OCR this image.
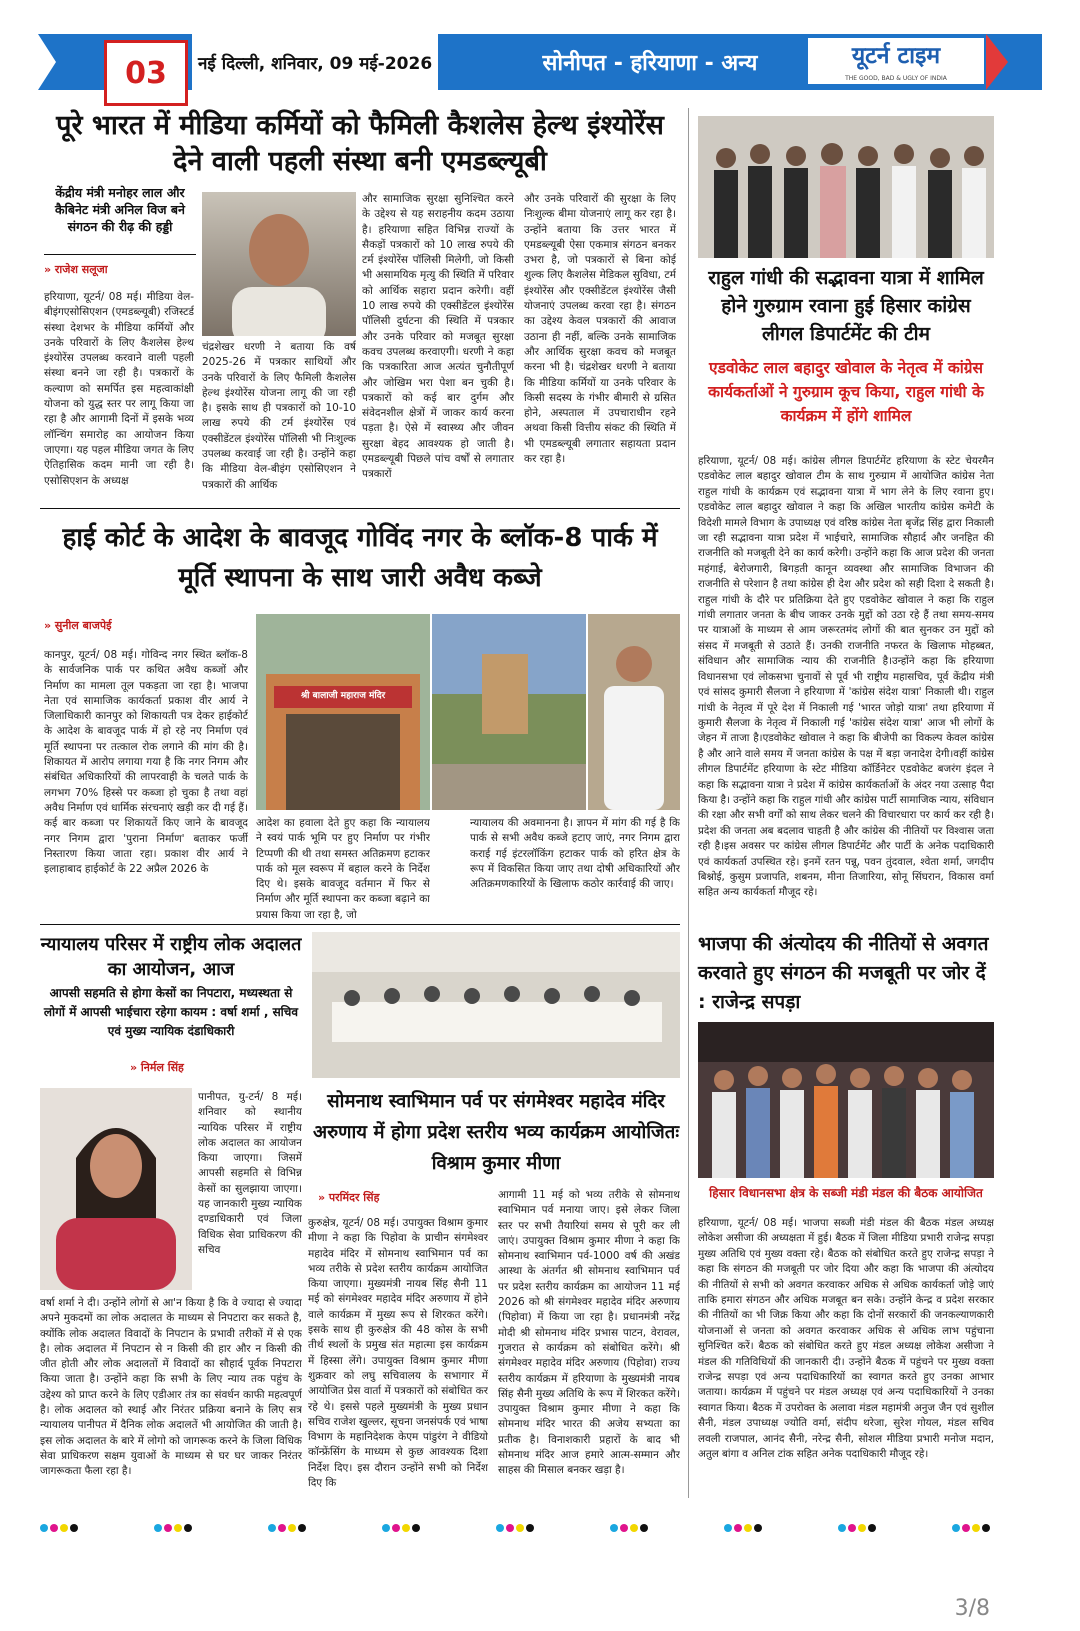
03	नई दिल्ली, शनिवार, 09 मई-2026	सोनीपत - हरियाणा - अन्य	यूटर्न टाइम
THE GOOD, BAD & UGLY OF INDIA
पूरे भारत में मीडिया कर्मियों को फैमिली कैशलेस हेल्थ इंश्योरेंस देने वाली पहली संस्था बनी एमडब्ल्यूबी
केंद्रीय मंत्री मनोहर लाल और कैबिनेट मंत्री अनिल विज बने संगठन की रीढ़ की हड्डी
» राजेश सलूजा
हरियाणा, यूटर्न/ 08 मई। मीडिया वेल-बीइंगएसोसिएशन (एमडब्ल्यूबी) रजिस्टर्ड संस्था देशभर के मीडिया कर्मियों और उनके परिवारों के लिए कैशलेस हेल्थ इंश्योरेंस उपलब्ध करवाने वाली पहली संस्था बनने जा रही है। पत्रकारों के कल्याण को समर्पित इस महत्वाकांक्षी योजना को युद्ध स्तर पर लागू किया जा रहा है और आगामी दिनों में इसके भव्य लॉन्चिंग समारोह का आयोजन किया जाएगा। यह पहल मीडिया जगत के लिए ऐतिहासिक कदम मानी जा रही है। एसोसिएशन के अध्यक्ष
चंद्रशेखर धरणी ने बताया कि वर्ष 2025-26 में पत्रकार साथियों और उनके परिवारों के लिए फैमिली कैशलेस हेल्थ इंश्योरेंस योजना लागू की जा रही है। इसके साथ ही पत्रकारों को 10-10 लाख रुपये की टर्म इंश्योरेंस एवं एक्सीडेंटल इंश्योरेंस पॉलिसी भी निःशुल्क उपलब्ध करवाई जा रही है। उन्होंने कहा कि मीडिया वेल-बीइंग एसोसिएशन ने पत्रकारों की आर्थिक
और सामाजिक सुरक्षा सुनिश्चित करने के उद्देश्य से यह सराहनीय कदम उठाया है। हरियाणा सहित विभिन्न राज्यों के सैकड़ों पत्रकारों को 10 लाख रुपये की टर्म इंश्योरेंस पॉलिसी मिलेगी, जो किसी भी असामयिक मृत्यु की स्थिति में परिवार को आर्थिक सहारा प्रदान करेगी। वहीं 10 लाख रुपये की एक्सीडेंटल इंश्योरेंस पॉलिसी दुर्घटना की स्थिति में पत्रकार और उनके परिवार को मजबूत सुरक्षा कवच उपलब्ध करवाएगी। धरणी ने कहा कि पत्रकारिता आज अत्यंत चुनौतीपूर्ण और जोखिम भरा पेशा बन चुकी है। पत्रकारों को कई बार दुर्गम और संवेदनशील क्षेत्रों में जाकर कार्य करना पड़ता है। ऐसे में स्वास्थ्य और जीवन सुरक्षा बेहद आवश्यक हो जाती है। एमडब्ल्यूबी पिछले पांच वर्षों से लगातार पत्रकारों
और उनके परिवारों की सुरक्षा के लिए निःशुल्क बीमा योजनाएं लागू कर रहा है। उन्होंने बताया कि उत्तर भारत में एमडब्ल्यूबी ऐसा एकमात्र संगठन बनकर उभरा है, जो पत्रकारों से बिना कोई शुल्क लिए कैशलेस मेडिकल सुविधा, टर्म इंश्योरेंस और एक्सीडेंटल इंश्योरेंस जैसी योजनाएं उपलब्ध करवा रहा है। संगठन का उद्देश्य केवल पत्रकारों की आवाज उठाना ही नहीं, बल्कि उनके सामाजिक और आर्थिक सुरक्षा कवच को मजबूत करना भी है। चंद्रशेखर धरणी ने बताया कि मीडिया कर्मियों या उनके परिवार के किसी सदस्य के गंभीर बीमारी से ग्रसित होने, अस्पताल में उपचाराधीन रहने अथवा किसी वित्तीय संकट की स्थिति में भी एमडब्ल्यूबी लगातार सहायता प्रदान कर रहा है।
राहुल गांधी की सद्भावना यात्रा में शामिल होने गुरुग्राम रवाना हुई हिसार कांग्रेस लीगल डिपार्टमेंट की टीम
एडवोकेट लाल बहादुर खोवाल के नेतृत्व में कांग्रेस कार्यकर्ताओं ने गुरुग्राम कूच किया, राहुल गांधी के कार्यक्रम में होंगे शामिल
हरियाणा, यूटर्न/ 08 मई। कांग्रेस लीगल डिपार्टमेंट हरियाणा के स्टेट चेयरमैन एडवोकेट लाल बहादुर खोवाल टीम के साथ गुरुग्राम में आयोजित कांग्रेस नेता राहुल गांधी के कार्यक्रम एवं सद्भावना यात्रा में भाग लेने के लिए रवाना हुए।एडवोकेट लाल बहादुर खोवाल ने कहा कि अखिल भारतीय कांग्रेस कमेटी के विदेशी मामले विभाग के उपाध्यक्ष एवं वरिष्ठ कांग्रेस नेता बृजेंद्र सिंह द्वारा निकाली जा रही सद्भावना यात्रा प्रदेश में भाईचारे, सामाजिक सौहार्द और जनहित की राजनीति को मजबूती देने का कार्य करेगी। उन्होंने कहा कि आज प्रदेश की जनता महंगाई, बेरोजगारी, बिगड़ती कानून व्यवस्था और सामाजिक विभाजन की राजनीति से परेशान है तथा कांग्रेस ही देश और प्रदेश को सही दिशा दे सकती है। राहुल गांधी के दौरे पर प्रतिक्रिया देते हुए एडवोकेट खोवाल ने कहा कि राहुल गांधी लगातार जनता के बीच जाकर उनके मुद्दों को उठा रहे हैं तथा समय-समय पर यात्राओं के माध्यम से आम जरूरतमंद लोगों की बात सुनकर उन मुद्दों को संसद में मजबूती से उठाते हैं। उनकी राजनीति नफरत के खिलाफ मोहब्बत, संविधान और सामाजिक न्याय की राजनीति है।उन्होंने कहा कि हरियाणा विधानसभा एवं लोकसभा चुनावों से पूर्व भी राष्ट्रीय महासचिव, पूर्व केंद्रीय मंत्री एवं सांसद कुमारी सैलजा ने हरियाणा में 'कांग्रेस संदेश यात्रा' निकाली थी। राहुल गांधी के नेतृत्व में पूरे देश में निकाली गई 'भारत जोड़ो यात्रा' तथा हरियाणा में कुमारी सैलजा के नेतृत्व में निकाली गई 'कांग्रेस संदेश यात्रा' आज भी लोगों के जेहन में ताजा है।एडवोकेट खोवाल ने कहा कि बीजेपी का विकल्प केवल कांग्रेस है और आने वाले समय में जनता कांग्रेस के पक्ष में बड़ा जनादेश देगी।वहीं कांग्रेस लीगल डिपार्टमेंट हरियाणा के स्टेट मीडिया कॉर्डिनेटर एडवोकेट बजरंग इंदल ने कहा कि सद्भावना यात्रा ने प्रदेश में कांग्रेस कार्यकर्ताओं के अंदर नया उत्साह पैदा किया है। उन्होंने कहा कि राहुल गांधी और कांग्रेस पार्टी सामाजिक न्याय, संविधान की रक्षा और सभी वर्गों को साथ लेकर चलने की विचारधारा पर कार्य कर रही है। प्रदेश की जनता अब बदलाव चाहती है और कांग्रेस की नीतियों पर विश्वास जता रही है।इस अवसर पर कांग्रेस लीगल डिपार्टमेंट और पार्टी के अनेक पदाधिकारी एवं कार्यकर्ता उपस्थित रहे। इनमें रतन पन्नू, पवन तुंदवाल, श्वेता शर्मा, जगदीप बिश्नोई, कुसुम प्रजापति, शबनम, मीना तिजारिया, सोनू सिंघरान, विकास वर्मा सहित अन्य कार्यकर्ता मौजूद रहे।
हाई कोर्ट के आदेश के बावजूद गोविंद नगर के ब्लॉक-8 पार्क में मूर्ति स्थापना के साथ जारी अवैध कब्जे
» सुनील बाजपेई
कानपुर, यूटर्न/ 08 मई। गोविन्द नगर स्थित ब्लॉक-8 के सार्वजनिक पार्क पर कथित अवैध कब्जों और निर्माण का मामला तूल पकड़ता जा रहा है। भाजपा नेता एवं सामाजिक कार्यकर्ता प्रकाश वीर आर्य ने जिलाधिकारी कानपुर को शिकायती पत्र देकर हाईकोर्ट के आदेश के बावजूद पार्क में हो रहे नए निर्माण एवं मूर्ति स्थापना पर तत्काल रोक लगाने की मांग की है। शिकायत में आरोप लगाया गया है कि नगर निगम और संबंधित अधिकारियों की लापरवाही के चलते पार्क के लगभग 70% हिस्से पर कब्जा हो चुका है तथा वहां अवैध निर्माण एवं धार्मिक संरचनाएं खड़ी कर दी गई हैं। कई बार कब्जा पर शिकायतें किए जाने के बावजूद नगर निगम द्वारा 'पुराना निर्माण' बताकर फर्जी निस्तारण किया जाता रहा। प्रकाश वीर आर्य ने इलाहाबाद हाईकोर्ट के 22 अप्रैल 2026 के
श्री बालाजी महाराज मंदिर
आदेश का हवाला देते हुए कहा कि न्यायालय ने स्वयं पार्क भूमि पर हुए निर्माण पर गंभीर टिप्पणी की थी तथा समस्त अतिक्रमण हटाकर पार्क को मूल स्वरूप में बहाल करने के निर्देश दिए थे। इसके बावजूद वर्तमान में फिर से निर्माण और मूर्ति स्थापना कर कब्जा बढ़ाने का प्रयास किया जा रहा है, जो
न्यायालय की अवमानना है। ज्ञापन में मांग की गई है कि पार्क से सभी अवैध कब्जे हटाए जाएं, नगर निगम द्वारा कराई गई इंटरलॉकिंग हटाकर पार्क को हरित क्षेत्र के रूप में विकसित किया जाए तथा दोषी अधिकारियों और अतिक्रमणकारियों के खिलाफ कठोर कार्रवाई की जाए।
न्यायालय परिसर में राष्ट्रीय लोक अदालत का आयोजन, आज
आपसी सहमति से होगा केसों का निपटारा, मध्यस्थता से लोगों में आपसी भाईचारा रहेगा कायम : वर्षा शर्मा , सचिव एवं मुख्य न्यायिक दंडाधिकारी
» निर्मल सिंह
पानीपत, यु-टर्न/ 8 मई। शनिवार को स्थानीय न्यायिक परिसर में राष्ट्रीय लोक अदालत का आयोजन किया जाएगा। जिसमें आपसी सहमति से विभिन्न केसों का सुलझाया जाएगा। यह जानकारी मुख्य न्यायिक दण्डाधिकारी एवं जिला विधिक सेवा प्राधिकरण की सचिव
वर्षा शर्मा ने दी। उन्होंने लोगों से आ'न किया है कि वे ज्यादा से ज्यादा अपने मुकदमों का लोक अदालत के माध्यम से निपटारा कर सकते है, क्योंकि लोक अदालत विवादों के निपटान के प्रभावी तरीकों में से एक है। लोक अदालत में निपटान से न किसी की हार और न किसी की जीत होती और लोक अदालतों में विवादों का सौहार्द पूर्वक निपटारा किया जाता है। उन्होंने कहा कि सभी के लिए न्याय तक पहुंच के उद्देश्य को प्राप्त करने के लिए एडीआर तंत्र का संवर्धन काफी महत्वपूर्ण है। लोक अदालत को स्थाई और निरंतर प्रक्रिया बनाने के लिए सत्र न्यायालय पानीपत में दैनिक लोक अदालतें भी आयोजित की जाती है। इस लोक अदालत के बारे में लोगो को जागरूक करने के जिला विधिक सेवा प्राधिकरण सक्षम युवाओं के माध्यम से घर घर जाकर निरंतर जागरूकता फैला रहा है।
सोमनाथ स्वाभिमान पर्व पर संगमेश्वर महादेव मंदिर अरुणाय में होगा प्रदेश स्तरीय भव्य कार्यक्रम आयोजितः विश्राम कुमार मीणा
» परमिंदर सिंह
कुरुक्षेत्र, यूटर्न/ 08 मई। उपायुक्त विश्राम कुमार मीणा ने कहा कि पिहोवा के प्राचीन संगमेश्वर महादेव मंदिर में सोमनाथ स्वाभिमान पर्व का भव्य तरीके से प्रदेश स्तरीय कार्यक्रम आयोजित किया जाएगा। मुख्यमंत्री नायब सिंह सैनी 11 मई को संगमेश्वर महादेव मंदिर अरुणाय में होने वाले कार्यक्रम में मुख्य रूप से शिरकत करेंगे। इसके साथ ही कुरुक्षेत्र की 48 कोस के सभी तीर्थ स्थलों के प्रमुख संत महात्मा इस कार्यक्रम में हिस्सा लेंगे। उपायुक्त विश्राम कुमार मीणा शुक्रवार को लघु सचिवालय के सभागार में आयोजित प्रेस वार्ता में पत्रकारों को संबोधित कर रहे थे। इससे पहले मुख्यमंत्री के मुख्य प्रधान सचिव राजेश खुल्लर, सूचना जनसंपर्क एवं भाषा विभाग के महानिदेशक केएम पांडुरंग ने वीडियो कॉन्फ्रेंसिंग के माध्यम से कुछ आवश्यक दिशा निर्देश दिए। इस दौरान उन्होंने सभी को निर्देश दिए कि
आगामी 11 मई को भव्य तरीके से सोमनाथ स्वाभिमान पर्व मनाया जाए। इसे लेकर जिला स्तर पर सभी तैयारियां समय से पूरी कर ली जाएं। उपायुक्त विश्राम कुमार मीणा ने कहा कि सोमनाथ स्वाभिमान पर्व-1000 वर्ष की अखंड आस्था के अंतर्गत श्री सोमनाथ स्वाभिमान पर्व पर प्रदेश स्तरीय कार्यक्रम का आयोजन 11 मई 2026 को श्री संगमेश्वर महादेव मंदिर अरुणाय (पिहोवा) में किया जा रहा है। प्रधानमंत्री नरेंद्र मोदी श्री सोमनाथ मंदिर प्रभास पाटन, वेरावल, गुजरात से कार्यक्रम को संबोधित करेंगे। श्री संगमेश्वर महादेव मंदिर अरुणाय (पिहोवा) राज्य स्तरीय कार्यक्रम में हरियाणा के मुख्यमंत्री नायब सिंह सैनी मुख्य अतिथि के रूप में शिरकत करेंगे। उपायुक्त विश्राम कुमार मीणा ने कहा कि सोमनाथ मंदिर भारत की अजेय सभ्यता का प्रतीक है। विनाशकारी प्रहारों के बाद भी सोमनाथ मंदिर आज हमारे आत्म-सम्मान और साहस की मिसाल बनकर खड़ा है।
भाजपा की अंत्योदय की नीतियों से अवगत करवाते हुए संगठन की मजबूती पर जोर दें : राजेन्द्र सपड़ा
हिसार विधानसभा क्षेत्र के सब्जी मंडी मंडल की बैठक आयोजित
हरियाणा, यूटर्न/ 08 मई। भाजपा सब्जी मंडी मंडल की बैठक मंडल अध्यक्ष लोकेश असीजा की अध्यक्षता में हुई। बैठक में जिला मीडिया प्रभारी राजेन्द्र सपड़ा मुख्य अतिथि एवं मुख्य वक्ता रहे। बैठक को संबोधित करते हुए राजेन्द्र सपड़ा ने कहा कि संगठन की मजबूती पर जोर दिया और कहा कि भाजपा की अंत्योदय की नीतियों से सभी को अवगत करवाकर अधिक से अधिक कार्यकर्ता जोड़े जाएं ताकि हमारा संगठन और अधिक मजबूत बन सके। उन्होंने केन्द्र व प्रदेश सरकार की नीतियों का भी जिक्र किया और कहा कि दोनों सरकारों की जनकल्याणकारी योजनाओं से जनता को अवगत करवाकर अधिक से अधिक लाभ पहुंचाना सुनिश्चित करें। बैठक को संबोधित करते हुए मंडल अध्यक्ष लोकेश असीजा ने मंडल की गतिविधियों की जानकारी दी। उन्होंने बैठक में पहुंचने पर मुख्य वक्ता राजेन्द्र सपड़ा एवं अन्य पदाधिकारियों का स्वागत करते हुए उनका आभार जताया। कार्यक्रम में पहुंचने पर मंडल अध्यक्ष एवं अन्य पदाधिकारियों ने उनका स्वागत किया। बैठक में उपरोक्त के अलावा मंडल महामंत्री अनुज जैन एवं सुशील सैनी, मंडल उपाध्यक्ष ज्योति वर्मा, संदीप थरेजा, सुरेश गोयल, मंडल सचिव लवली राजपाल, आनंद सैनी, नरेन्द्र सैनी, सोशल मीडिया प्रभारी मनोज मदान, अतुल बांगा व अनिल टांक सहित अनेक पदाधिकारी मौजूद रहे।
3/8
